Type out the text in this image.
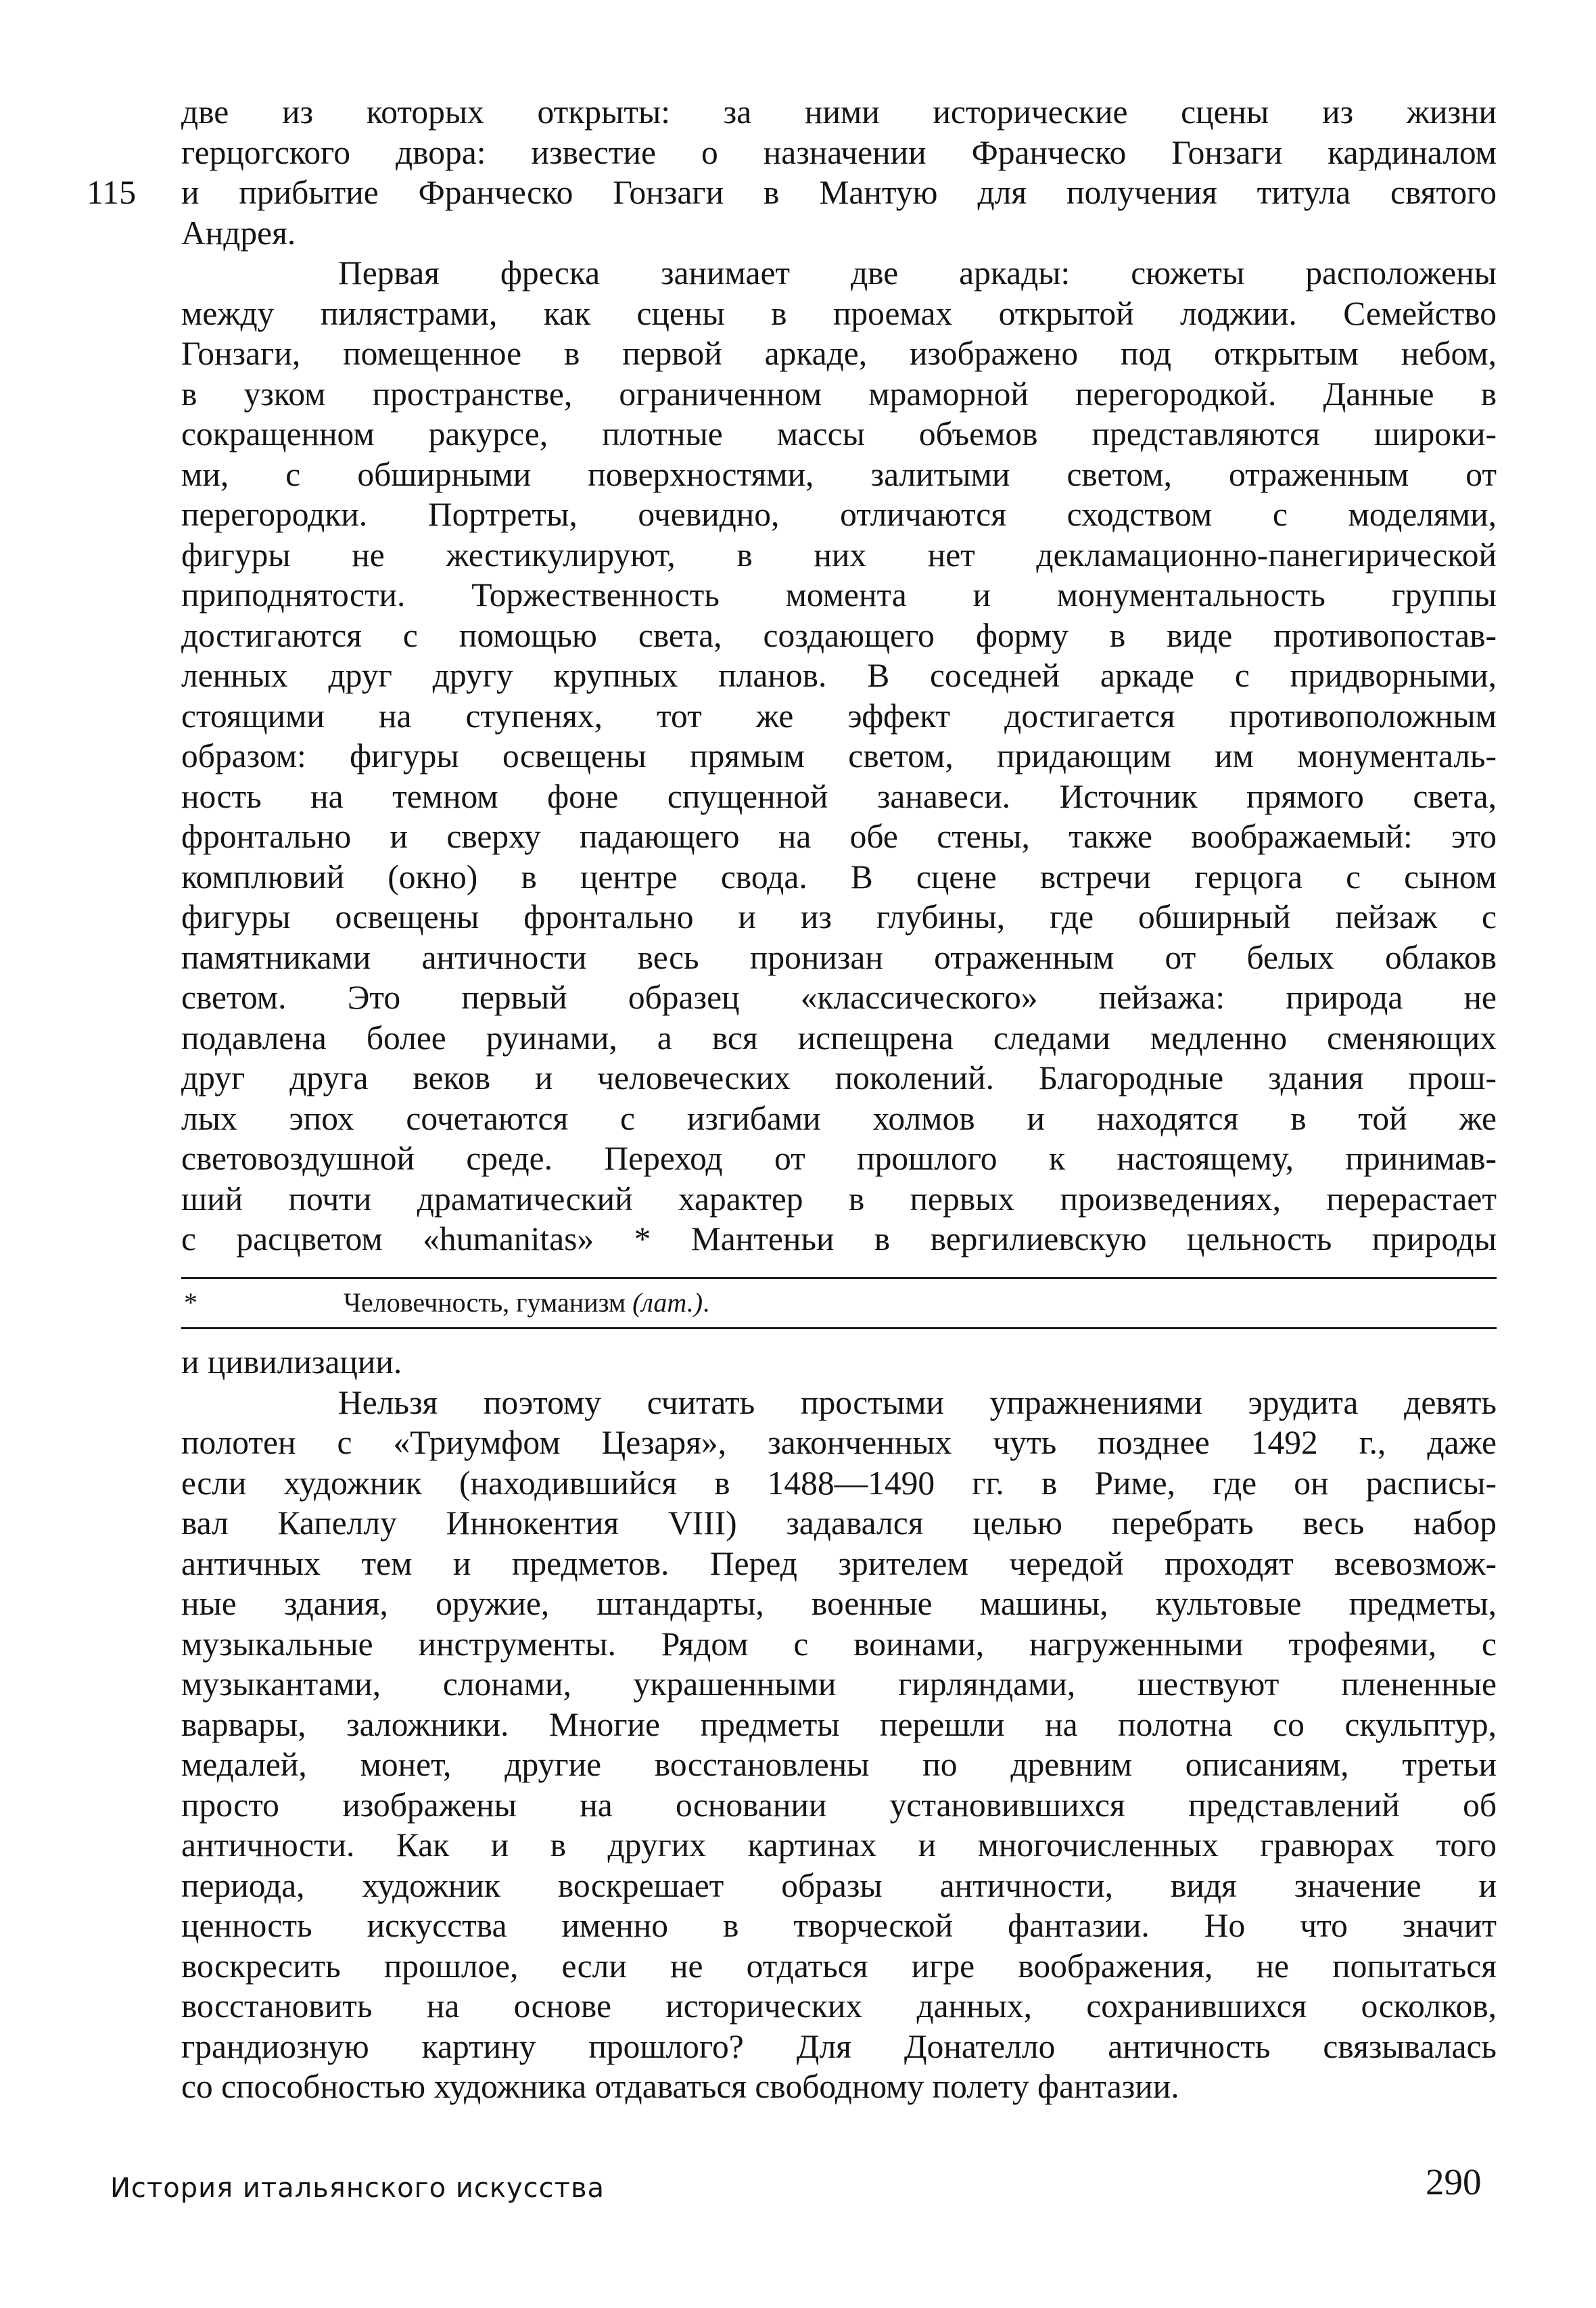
115
две из которых открыты: за ними исторические сцены из жизни
герцогского двора: известие о назначении Франческо Гонзаги кардиналом
и прибытие Франческо Гонзаги в Мантую для получения титула святого
Андрея.
Первая фреска занимает две аркады: сюжеты расположены
между пилястрами, как сцены в проемах открытой лоджии. Семейство
Гонзаги, помещенное в первой аркаде, изображено под открытым небом,
в узком пространстве, ограниченном мраморной перегородкой. Данные в
сокращенном ракурсе, плотные массы объемов представляются широки-
ми, с обширными поверхностями, залитыми светом, отраженным от
перегородки. Портреты, очевидно, отличаются сходством с моделями,
фигуры не жестикулируют, в них нет декламационно-панегирической
приподнятости. Торжественность момента и монументальность группы
достигаются с помощью света, создающего форму в виде противопостав-
ленных друг другу крупных планов. В соседней аркаде с придворными,
стоящими на ступенях, тот же эффект достигается противоположным
образом: фигуры освещены прямым светом, придающим им монументаль-
ность на темном фоне спущенной занавеси. Источник прямого света,
фронтально и сверху падающего на обе стены, также воображаемый: это
комплювий (окно) в центре свода. В сцене встречи герцога с сыном
фигуры освещены фронтально и из глубины, где обширный пейзаж с
памятниками античности весь пронизан отраженным от белых облаков
светом. Это первый образец «классического» пейзажа: природа не
подавлена более руинами, а вся испещрена следами медленно сменяющих
друг друга веков и человеческих поколений. Благородные здания прош-
лых эпох сочетаются с изгибами холмов и находятся в той же
световоздушной среде. Переход от прошлого к настоящему, принимав-
ший почти драматический характер в первых произведениях, перерастает
с расцветом «humanitas» * Мантеньи в вергилиевскую цельность природы
*	Человечность, гуманизм (лат.).
и цивилизации.
Нельзя поэтому считать простыми упражнениями эрудита девять
полотен с «Триумфом Цезаря», законченных чуть позднее 1492 г., даже
если художник (находившийся в 1488—1490 гг. в Риме, где он расписы-
вал Капеллу Иннокентия VIII) задавался целью перебрать весь набор
античных тем и предметов. Перед зрителем чередой проходят всевозмож-
ные здания, оружие, штандарты, военные машины, культовые предметы,
музыкальные инструменты. Рядом с воинами, нагруженными трофеями, с
музыкантами, слонами, украшенными гирляндами, шествуют плененные
варвары, заложники. Многие предметы перешли на полотна со скульптур,
медалей, монет, другие восстановлены по древним описаниям, третьи
просто изображены на основании установившихся представлений об
античности. Как и в других картинах и многочисленных гравюрах того
периода, художник воскрешает образы античности, видя значение и
ценность искусства именно в творческой фантазии. Но что значит
воскресить прошлое, если не отдаться игре воображения, не попытаться
восстановить на основе исторических данных, сохранившихся осколков,
грандиозную картину прошлого? Для Донателло античность связывалась
со способностью художника отдаваться свободному полету фантазии.
История итальянского искусства	290
